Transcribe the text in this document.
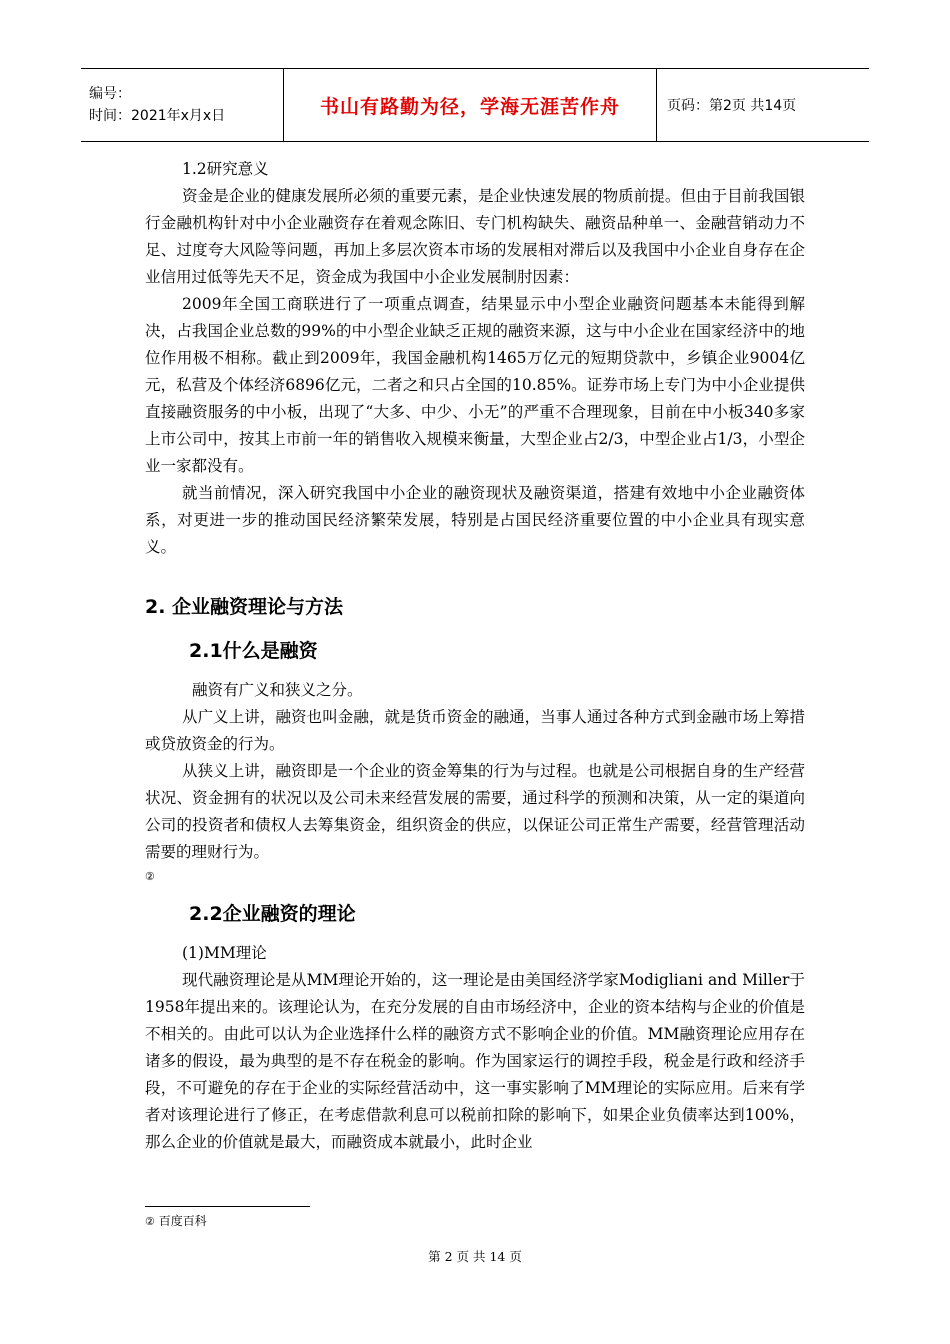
编号：
时间：2021年x月x日	书山有路勤为径，学海无涯苦作舟	页码：第2页 共14页

1.2研究意义

资金是企业的健康发展所必须的重要元素，是企业快速发展的物质前提。但由于目前我国银行金融机构针对中小企业融资存在着观念陈旧、专门机构缺失、融资品种单一、金融营销动力不足、过度夸大风险等问题，再加上多层次资本市场的发展相对滞后以及我国中小企业自身存在企业信用过低等先天不足，资金成为我国中小企业发展制肘因素：

2009年全国工商联进行了一项重点调查，结果显示中小型企业融资问题基本未能得到解决，占我国企业总数的99%的中小型企业缺乏正规的融资来源，这与中小企业在国家经济中的地位作用极不相称。截止到2009年，我国金融机构1465万亿元的短期贷款中，乡镇企业9004亿元，私营及个体经济6896亿元，二者之和只占全国的10.85%。证券市场上专门为中小企业提供直接融资服务的中小板，出现了“大多、中少、小无”的严重不合理现象，目前在中小板340多家上市公司中，按其上市前一年的销售收入规模来衡量，大型企业占2/3，中型企业占1/3，小型企业一家都没有。

就当前情况，深入研究我国中小企业的融资现状及融资渠道，搭建有效地中小企业融资体系，对更进一步的推动国民经济繁荣发展，特别是占国民经济重要位置的中小企业具有现实意义。

2. 企业融资理论与方法
2.1什么是融资

融资有广义和狭义之分。

从广义上讲，融资也叫金融，就是货币资金的融通，当事人通过各种方式到金融市场上筹措或贷放资金的行为。

从狭义上讲，融资即是一个企业的资金筹集的行为与过程。也就是公司根据自身的生产经营状况、资金拥有的状况以及公司未来经营发展的需要，通过科学的预测和决策，从一定的渠道向公司的投资者和债权人去筹集资金，组织资金的供应，以保证公司正常生产需要，经营管理活动需要的理财行为。

②

2.2企业融资的理论

(1)MM理论

现代融资理论是从MM理论开始的，这一理论是由美国经济学家Modigliani and Miller于1958年提出来的。该理论认为，在充分发展的自由市场经济中，企业的资本结构与企业的价值是不相关的。由此可以认为企业选择什么样的融资方式不影响企业的价值。MM融资理论应用存在诸多的假设，最为典型的是不存在税金的影响。作为国家运行的调控手段，税金是行政和经济手段，不可避免的存在于企业的实际经营活动中，这一事实影响了MM理论的实际应用。后来有学者对该理论进行了修正，在考虑借款利息可以税前扣除的影响下，如果企业负债率达到100%，那么企业的价值就是最大，而融资成本就最小，此时企业

② 百度百科
第 2 页 共 14 页
